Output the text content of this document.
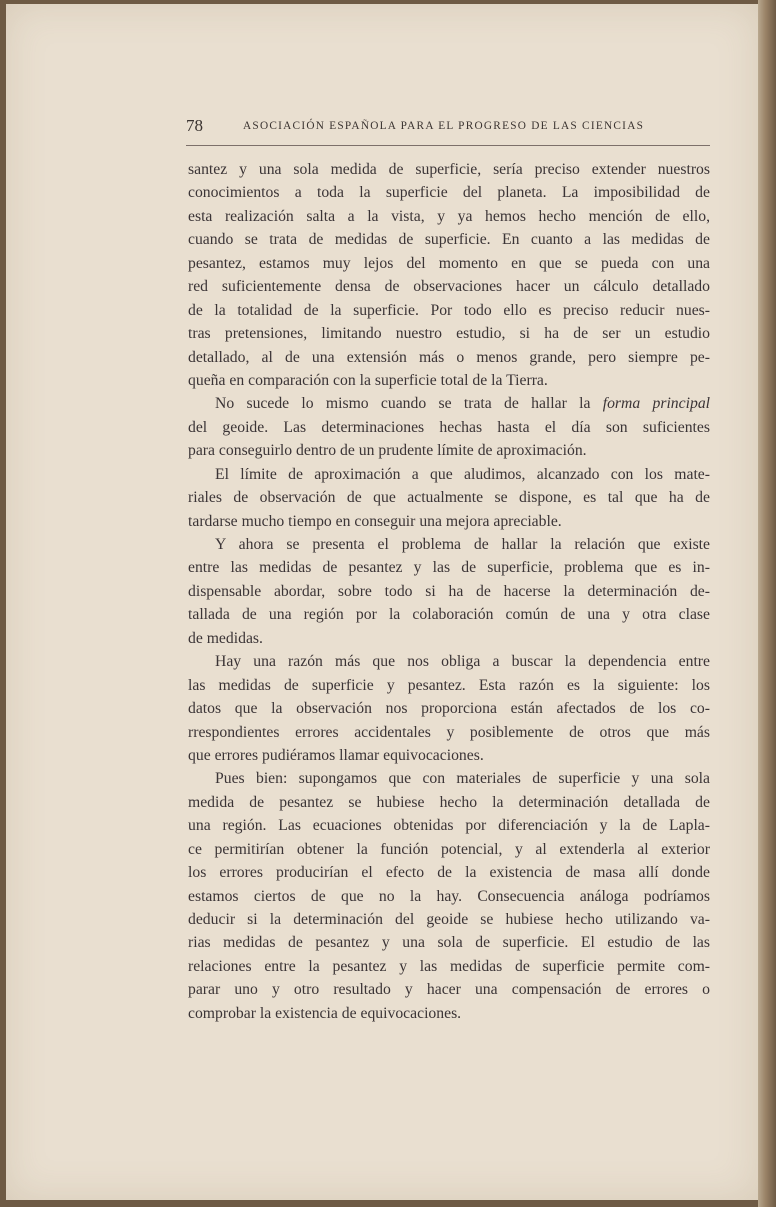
78	ASOCIACIÓN ESPAÑOLA PARA EL PROGRESO DE LAS CIENCIAS
santez y una sola medida de superficie, sería preciso extender nuestros
conocimientos a toda la superficie del planeta. La imposibilidad de
esta realización salta a la vista, y ya hemos hecho mención de ello,
cuando se trata de medidas de superficie. En cuanto a las medidas de
pesantez, estamos muy lejos del momento en que se pueda con una
red suficientemente densa de observaciones hacer un cálculo detallado
de la totalidad de la superficie. Por todo ello es preciso reducir nues-
tras pretensiones, limitando nuestro estudio, si ha de ser un estudio
detallado, al de una extensión más o menos grande, pero siempre pe-
queña en comparación con la superficie total de la Tierra.
No sucede lo mismo cuando se trata de hallar la forma principal
del geoide. Las determinaciones hechas hasta el día son suficientes
para conseguirlo dentro de un prudente límite de aproximación.
El límite de aproximación a que aludimos, alcanzado con los mate-
riales de observación de que actualmente se dispone, es tal que ha de
tardarse mucho tiempo en conseguir una mejora apreciable.
Y ahora se presenta el problema de hallar la relación que existe
entre las medidas de pesantez y las de superficie, problema que es in-
dispensable abordar, sobre todo si ha de hacerse la determinación de-
tallada de una región por la colaboración común de una y otra clase
de medidas.
Hay una razón más que nos obliga a buscar la dependencia entre
las medidas de superficie y pesantez. Esta razón es la siguiente: los
datos que la observación nos proporciona están afectados de los co-
rrespondientes errores accidentales y posiblemente de otros que más
que errores pudiéramos llamar equivocaciones.
Pues bien: supongamos que con materiales de superficie y una sola
medida de pesantez se hubiese hecho la determinación detallada de
una región. Las ecuaciones obtenidas por diferenciación y la de Lapla-
ce permitirían obtener la función potencial, y al extenderla al exterior
los errores producirían el efecto de la existencia de masa allí donde
estamos ciertos de que no la hay. Consecuencia análoga podríamos
deducir si la determinación del geoide se hubiese hecho utilizando va-
rias medidas de pesantez y una sola de superficie. El estudio de las
relaciones entre la pesantez y las medidas de superficie permite com-
parar uno y otro resultado y hacer una compensación de errores o
comprobar la existencia de equivocaciones.
